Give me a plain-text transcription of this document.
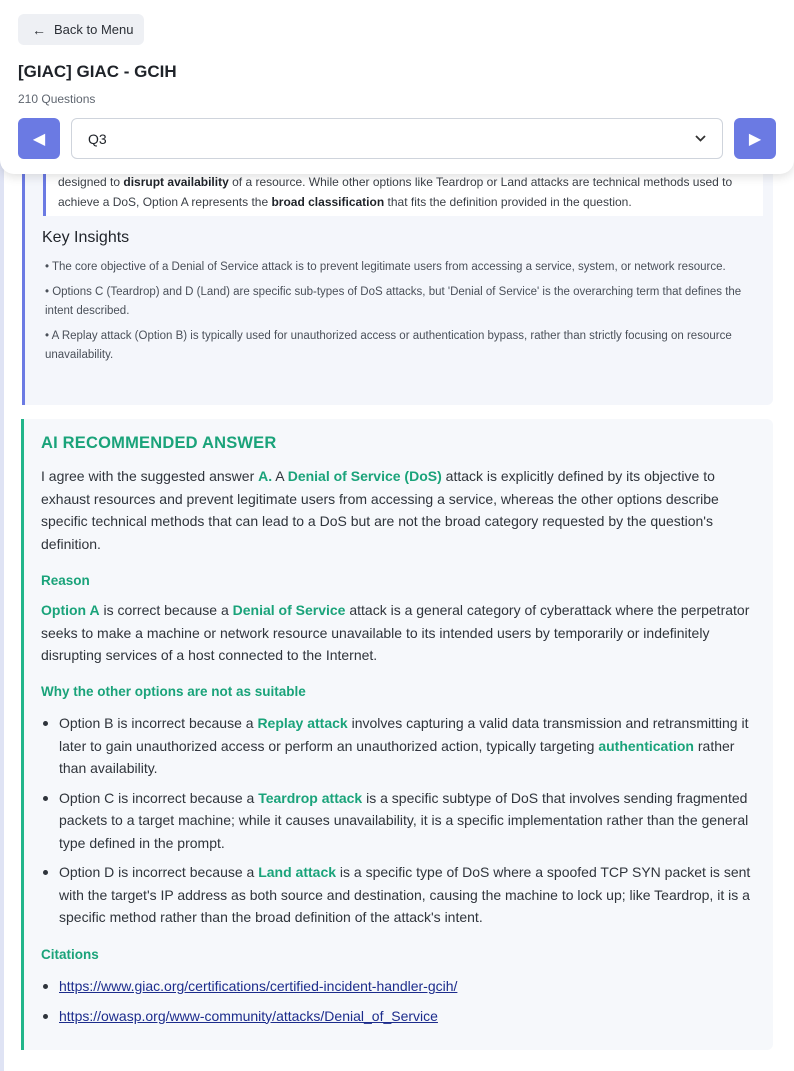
designed to disrupt availability of a resource. While other options like Teardrop or Land attacks are technical methods used to
achieve a DoS, Option A represents the broad classification that fits the definition provided in the question.
Key Insights
• The core objective of a Denial of Service attack is to prevent legitimate users from accessing a service, system, or network resource.
• Options C (Teardrop) and D (Land) are specific sub-types of DoS attacks, but 'Denial of Service' is the overarching term that defines the intent described.
• A Replay attack (Option B) is typically used for unauthorized access or authentication bypass, rather than strictly focusing on resource unavailability.
← Back to Menu
[GIAC] GIAC - GCIH
210 Questions
◀	Q3	▶
AI RECOMMENDED ANSWER
I agree with the suggested answer A. A Denial of Service (DoS) attack is explicitly defined by its objective to exhaust resources and prevent legitimate users from accessing a service, whereas the other options describe specific technical methods that can lead to a DoS but are not the broad category requested by the question's definition.
Reason
Option A is correct because a Denial of Service attack is a general category of cyberattack where the perpetrator seeks to make a machine or network resource unavailable to its intended users by temporarily or indefinitely disrupting services of a host connected to the Internet.
Why the other options are not as suitable
Option B is incorrect because a Replay attack involves capturing a valid data transmission and retransmitting it later to gain unauthorized access or perform an unauthorized action, typically targeting authentication rather than availability.
Option C is incorrect because a Teardrop attack is a specific subtype of DoS that involves sending fragmented packets to a target machine; while it causes unavailability, it is a specific implementation rather than the general type defined in the prompt.
Option D is incorrect because a Land attack is a specific type of DoS where a spoofed TCP SYN packet is sent with the target's IP address as both source and destination, causing the machine to lock up; like Teardrop, it is a specific method rather than the broad definition of the attack's intent.
Citations
https://www.giac.org/certifications/certified-incident-handler-gcih/
https://owasp.org/www-community/attacks/Denial_of_Service
